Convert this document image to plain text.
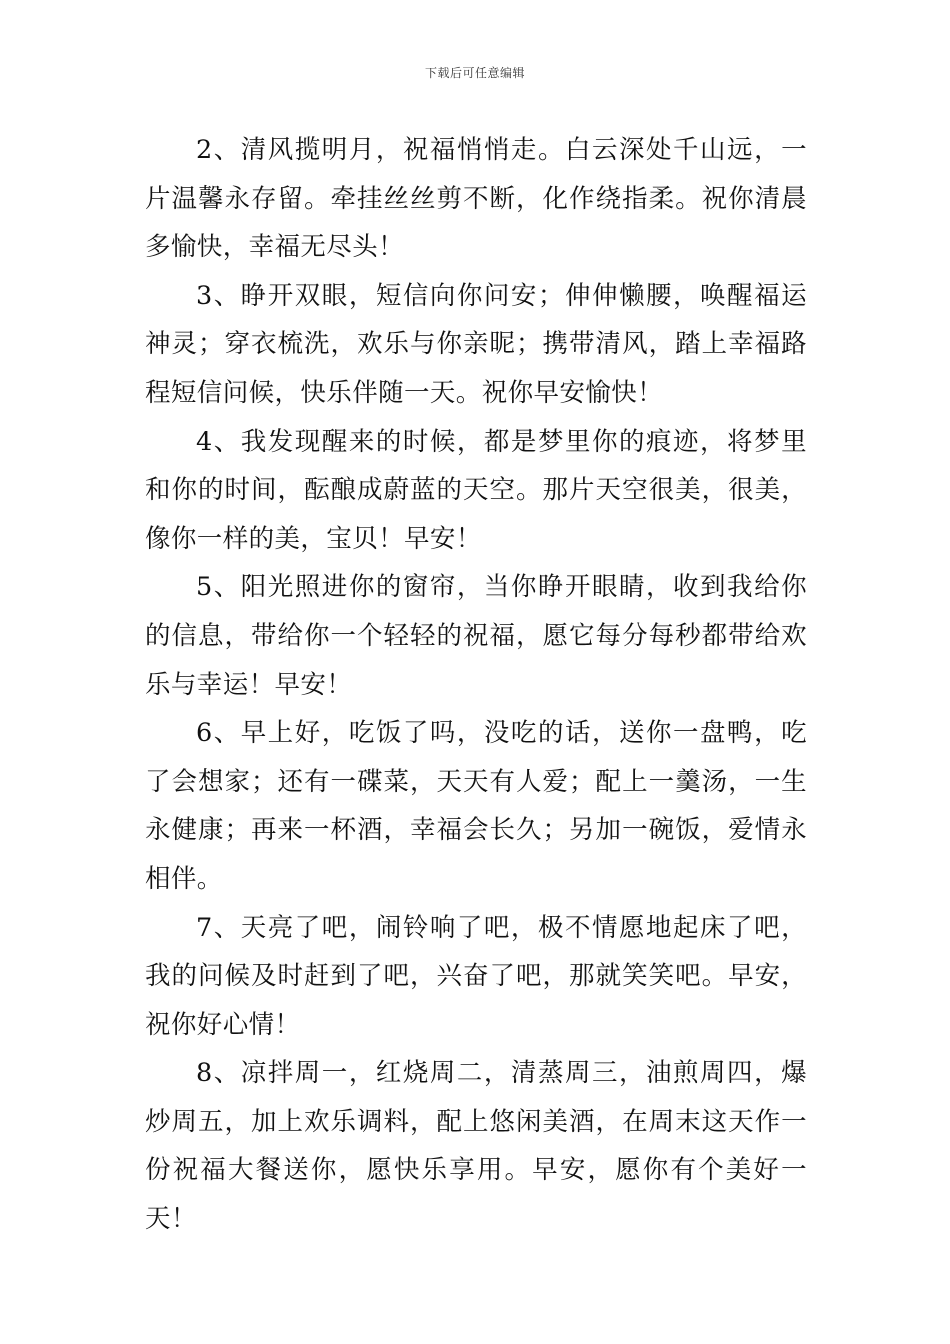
下载后可任意编辑

2、清风揽明月，祝福悄悄走。白云深处千山远，一片温馨永存留。牵挂丝丝剪不断，化作绕指柔。祝你清晨多愉快，幸福无尽头！

3、睁开双眼，短信向你问安；伸伸懒腰，唤醒福运神灵；穿衣梳洗，欢乐与你亲昵；携带清风，踏上幸福路程短信问候，快乐伴随一天。祝你早安愉快！

4、我发现醒来的时候，都是梦里你的痕迹，将梦里和你的时间，酝酿成蔚蓝的天空。那片天空很美，很美，像你一样的美，宝贝！早安！

5、阳光照进你的窗帘，当你睁开眼睛，收到我给你的信息，带给你一个轻轻的祝福，愿它每分每秒都带给欢乐与幸运！早安！

6、早上好，吃饭了吗，没吃的话，送你一盘鸭，吃了会想家；还有一碟菜，天天有人爱；配上一羹汤，一生永健康；再来一杯酒，幸福会长久；另加一碗饭，爱情永相伴。

7、天亮了吧，闹铃响了吧，极不情愿地起床了吧，我的问候及时赶到了吧，兴奋了吧，那就笑笑吧。早安，祝你好心情！

8、凉拌周一，红烧周二，清蒸周三，油煎周四，爆炒周五，加上欢乐调料，配上悠闲美酒，在周末这天作一份祝福大餐送你，愿快乐享用。早安，愿你有个美好一天！
